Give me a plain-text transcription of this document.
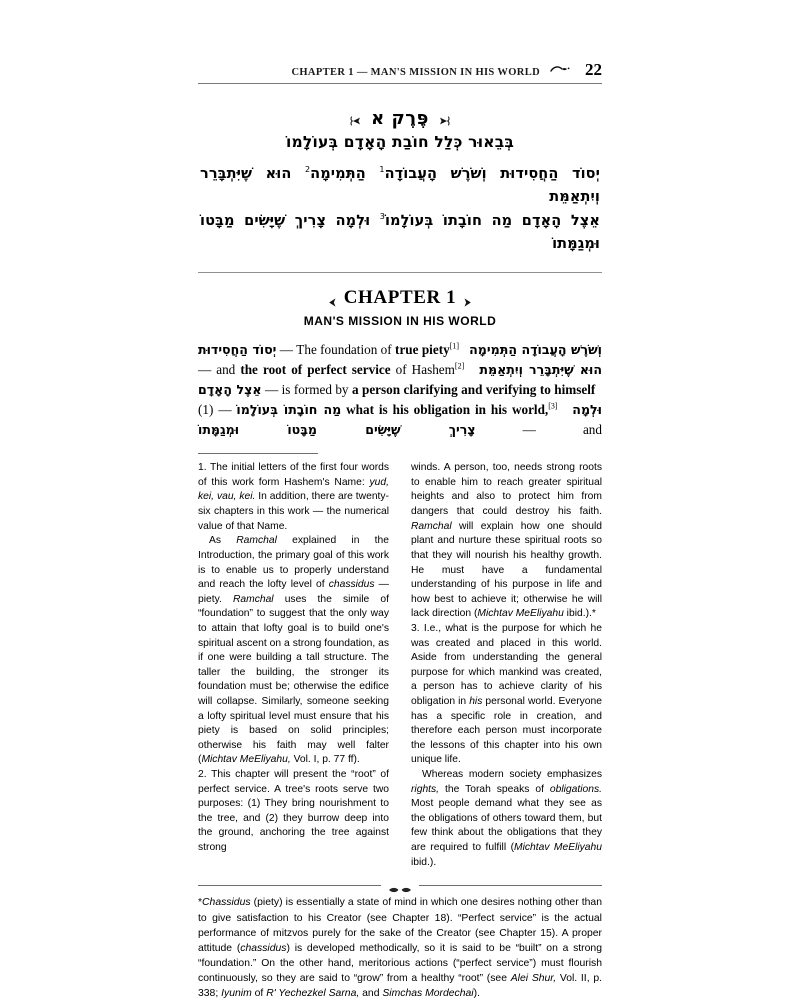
CHAPTER 1 — MAN'S MISSION IN HIS WORLD	22
פֶּרֶק א
בְּבֵאוּר כְּלַל חוֹבַת הָאָדָם בְּעוֹלָמוֹ
יְסוֹד הַחֲסִידוּת וְשֹׁרֶשׁ הָעֲבוֹדָה$^1$ הַתְּמִימָה$^2$ הוּא שֶׁיִּתְבָּרֵר וְיִתְאַמֵּת
אֵצֶל הָאָדָם מַה חוֹבָתוֹ בְּעוֹלָמוֹ$^3$ וּלְמָה צָרִיךְ שֶׁיָּשִׂים מַבָּטוֹ וּמְגַמָּתוֹ
CHAPTER 1
MAN'S MISSION IN HIS WORLD
יְסוֹד הַחֲסִידוּת — The foundation of true piety[1] וְשֹׁרֶשׁ הָעֲבוֹדָה הַתְּמִימָה — and the root of perfect service of Hashem[2] הוּא שֶׁיִּתְבָּרֵר וְיִתְאַמֵּת אֵצֶל הָאָדָם — is formed by a person clarifying and verifying to himself   מַה חוֹבָתוֹ בְּעוֹלָמוֹ — (1) what is his obligation in his world,[3] וּלְמָה צָרִיךְ שֶׁיָּשִׂים מַבָּטוֹ וּמְגַמָּתוֹ — and

1. The initial letters of the first four words of this work form Hashem's Name: yud, kei, vau, kei. In addition, there are twenty-six chapters in this work — the numerical value of that Name.

As Ramchal explained in the Introduction, the primary goal of this work is to enable us to properly understand and reach the lofty level of chassidus — piety. Ramchal uses the simile of “foundation” to suggest that the only way to attain that lofty goal is to build one's spiritual ascent on a strong foundation, as if one were building a tall structure. The taller the building, the stronger its foundation must be; otherwise the edifice will collapse. Similarly, someone seeking a lofty spiritual level must ensure that his piety is based on solid principles; otherwise his faith may well falter (Michtav MeEliyahu, Vol. I, p. 77 ff).

2. This chapter will present the “root” of perfect service. A tree's roots serve two purposes: (1) They bring nourishment to the tree, and (2) they burrow deep into the ground, anchoring the tree against strong

winds. A person, too, needs strong roots to enable him to reach greater spiritual heights and also to protect him from dangers that could destroy his faith. Ramchal will explain how one should plant and nurture these spiritual roots so that they will nourish his healthy growth. He must have a fundamental understanding of his purpose in life and how best to achieve it; otherwise he will lack direction (Michtav MeEliyahu ibid.).*

3. I.e., what is the purpose for which he was created and placed in this world. Aside from understanding the general purpose for which mankind was created, a person has to achieve clarity of his obligation in his personal world. Everyone has a specific role in creation, and therefore each person must incorporate the lessons of this chapter into his own unique life.

Whereas modern society emphasizes rights, the Torah speaks of obligations. Most people demand what they see as the obligations of others toward them, but few think about the obligations that they are required to fulfill (Michtav MeEliyahu ibid.).

*Chassidus (piety) is essentially a state of mind in which one desires nothing other than to give satisfaction to his Creator (see Chapter 18). “Perfect service” is the actual performance of mitzvos purely for the sake of the Creator (see Chapter 15). A proper attitude (chassidus) is developed methodically, so it is said to be “built” on a strong “foundation.” On the other hand, meritorious actions (“perfect service”) must flourish continuously, so they are said to “grow” from a healthy “root” (see Alei Shur, Vol. II, p. 338; Iyunim of R' Yechezkel Sarna, and Simchas Mordechai).
